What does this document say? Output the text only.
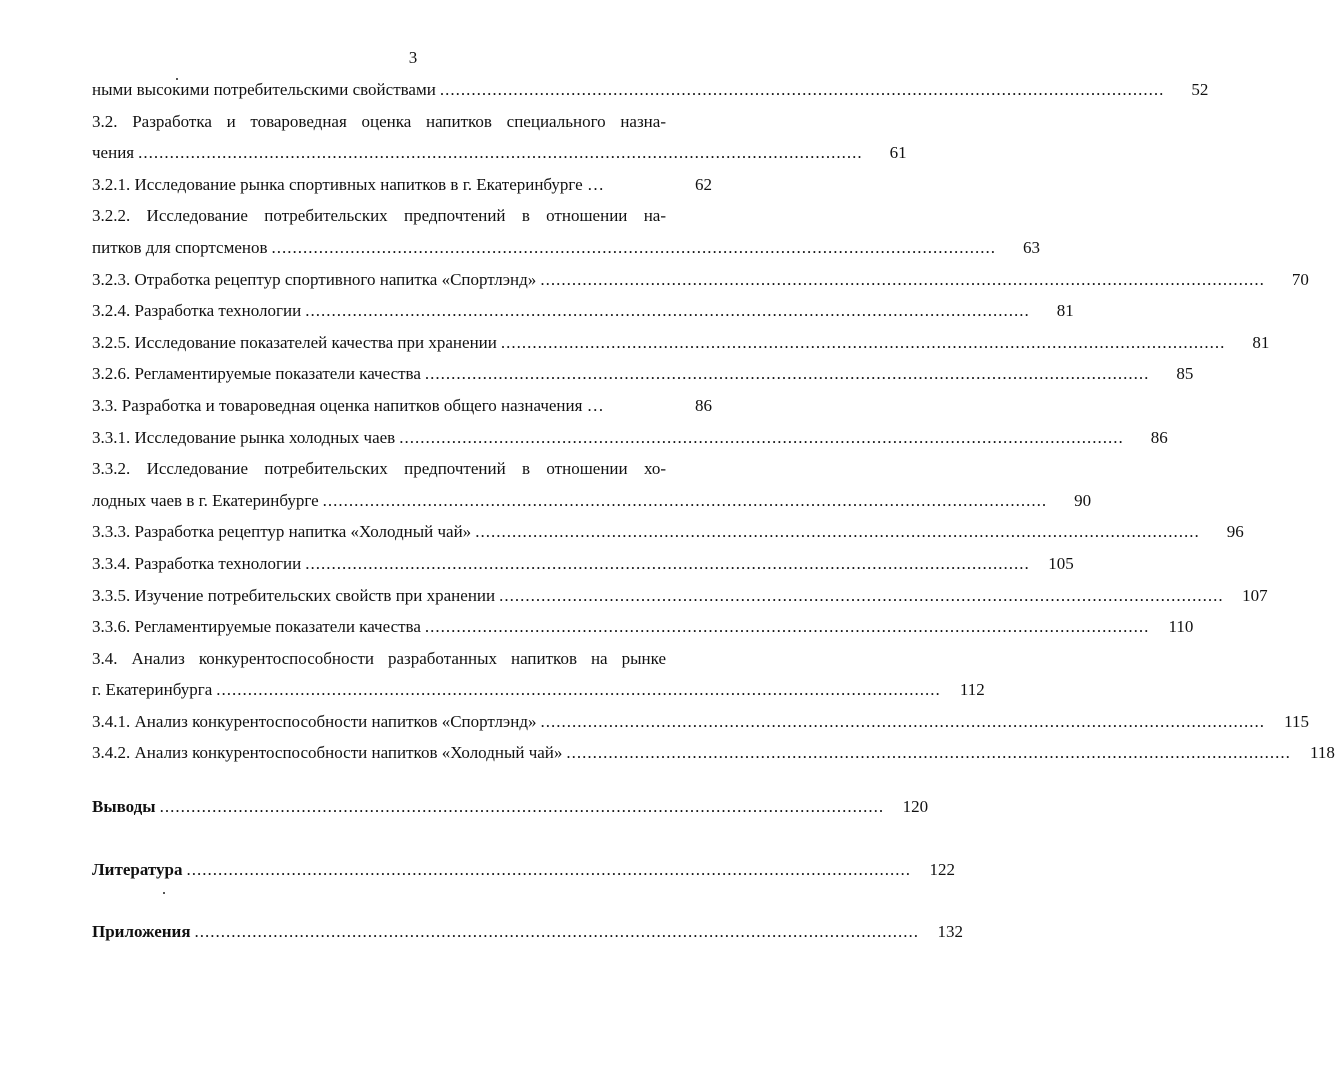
3
ными высокими потребительскими свойствами ..........................................................................................................................................	52
3.2. Разработка и товароведная оценка напитков специального назна-
чения ..........................................................................................................................................	61
3.2.1. Исследование рынка спортивных напитков в г. Екатеринбурге …	62
3.2.2. Исследование потребительских предпочтений в отношении на-
питков для спортсменов ..........................................................................................................................................	63
3.2.3. Отработка рецептур спортивного напитка «Спортлэнд» ..........................................................................................................................................	70
3.2.4. Разработка технологии ..........................................................................................................................................	81
3.2.5. Исследование показателей качества при хранении ..........................................................................................................................................	81
3.2.6. Регламентируемые показатели качества ..........................................................................................................................................	85
3.3. Разработка и товароведная оценка напитков общего назначения …	86
3.3.1. Исследование рынка холодных чаев ..........................................................................................................................................	86
3.3.2. Исследование потребительских предпочтений в отношении хо-
лодных чаев в г. Екатеринбурге ..........................................................................................................................................	90
3.3.3. Разработка рецептур напитка «Холодный чай» ..........................................................................................................................................	96
3.3.4. Разработка технологии ..........................................................................................................................................	105
3.3.5. Изучение потребительских свойств при хранении ..........................................................................................................................................	107
3.3.6. Регламентируемые показатели качества ..........................................................................................................................................	110
3.4. Анализ конкурентоспособности разработанных напитков на рынке
г. Екатеринбурга ..........................................................................................................................................	112
3.4.1. Анализ конкурентоспособности напитков «Спортлэнд» ..........................................................................................................................................	115
3.4.2. Анализ конкурентоспособности напитков «Холодный чай» ..........................................................................................................................................	118
Выводы ..........................................................................................................................................	120
Литература ..........................................................................................................................................	122
Приложения ..........................................................................................................................................	132
